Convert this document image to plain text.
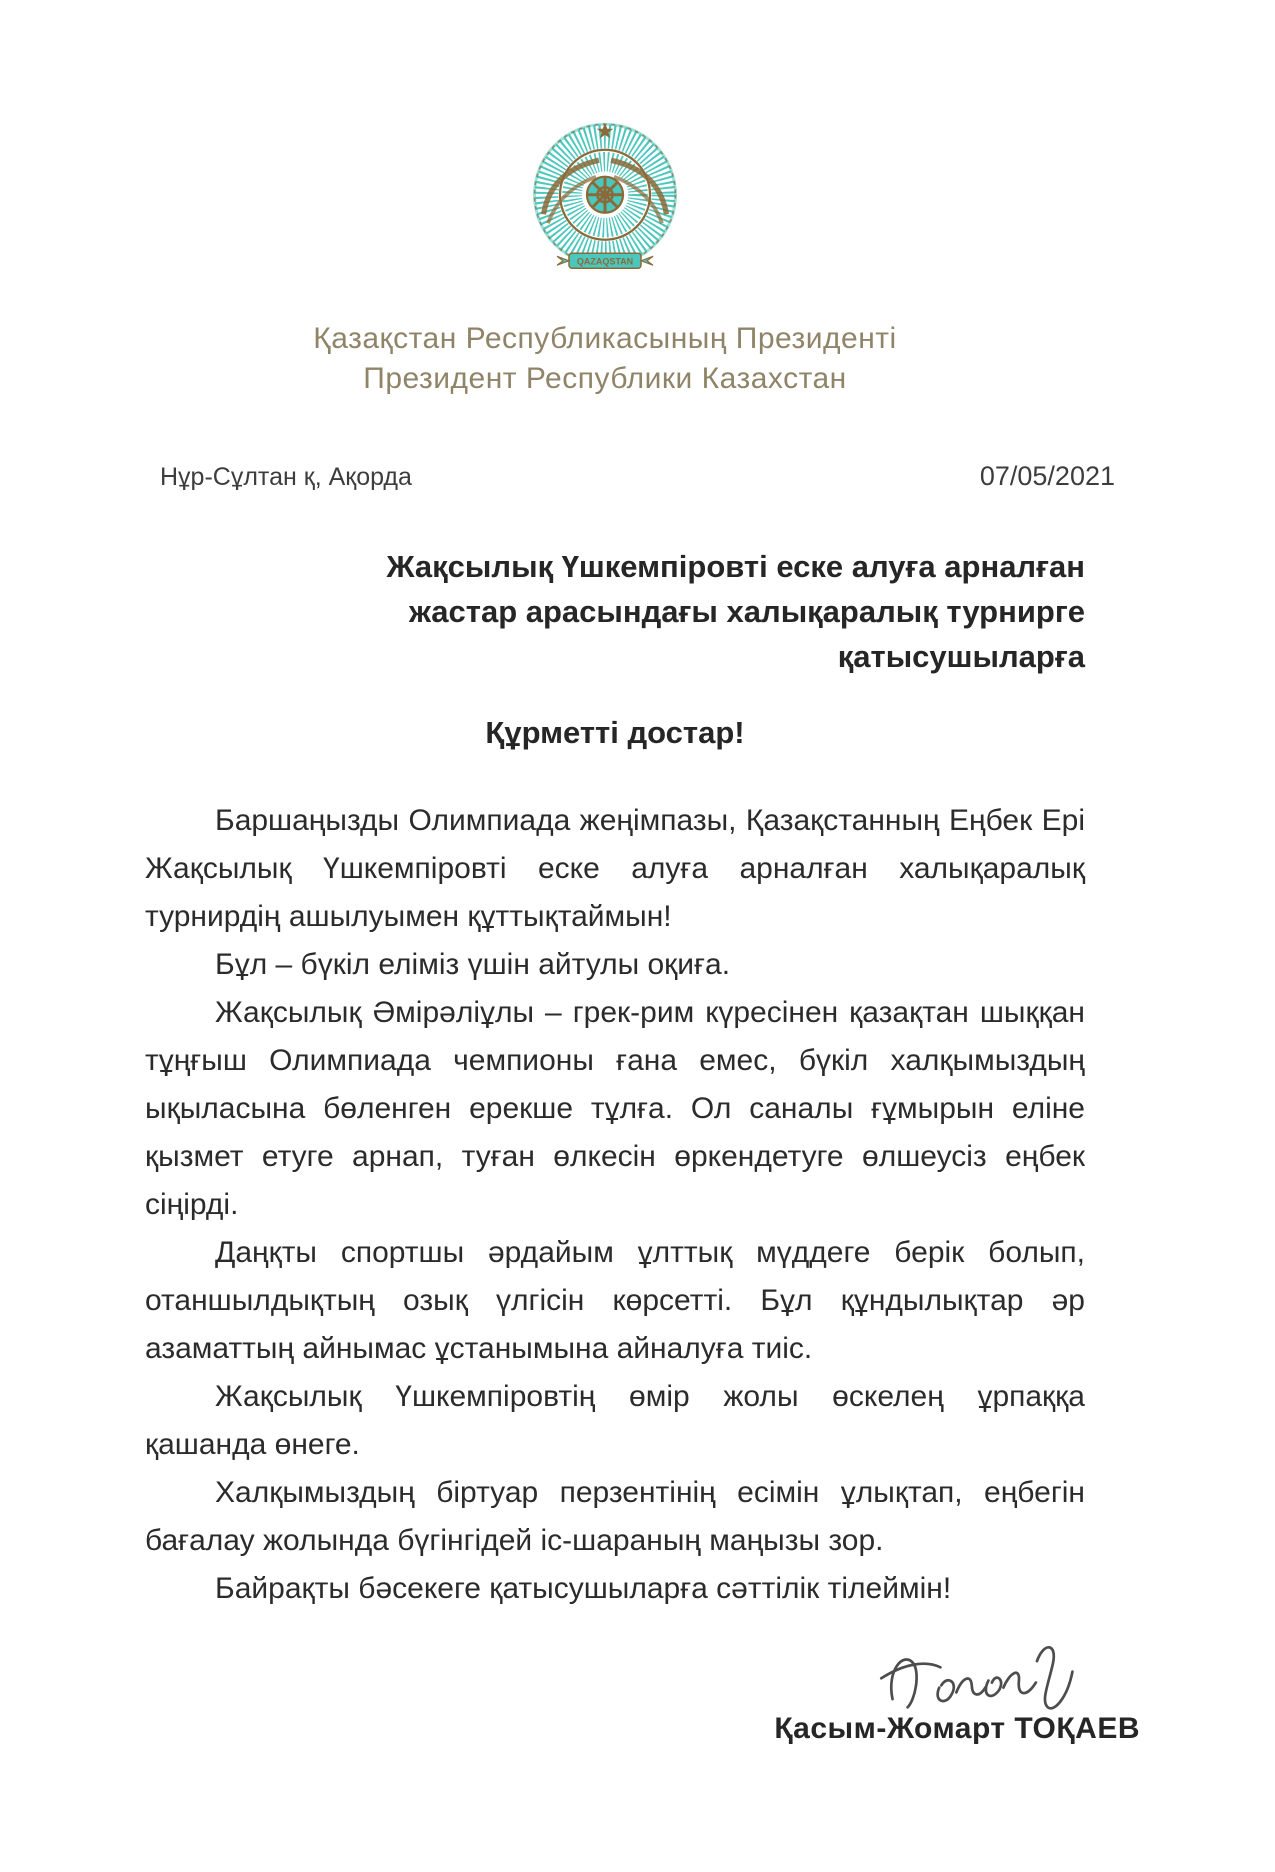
QAZAQSTAN
Қазақстан Республикасының Президенті
Президент Республики Казахстан
Нұр-Сұлтан қ, Ақорда	07/05/2021
Жақсылық Үшкемпіровті еске алуға арналған
жастар арасындағы халықаралық турнирге
қатысушыларға
Құрметті достар!

Баршаңызды Олимпиада жеңімпазы, Қазақстанның Еңбек Ері Жақсылық Үшкемпіровті еске алуға арналған халықаралық турнирдің ашылуымен құттықтаймын!

Бұл – бүкіл еліміз үшін айтулы оқиға.

Жақсылық Әмірәліұлы – грек-рим күресінен қазақтан шыққан тұңғыш Олимпиада чемпионы ғана емес, бүкіл халқымыздың ықыласына бөленген ерекше тұлға. Ол саналы ғұмырын еліне қызмет етуге арнап, туған өлкесін өркендетуге өлшеусіз еңбек сіңірді.

Даңқты спортшы әрдайым ұлттық мүддеге берік болып, отаншылдықтың озық үлгісін көрсетті. Бұл құндылықтар әр азаматтың айнымас ұстанымына айналуға тиіс.

Жақсылық Үшкемпіровтің өмір жолы өскелең ұрпаққа қашанда өнеге.

Халқымыздың біртуар перзентінің есімін ұлықтап, еңбегін бағалау жолында бүгінгідей іс-шараның маңызы зор.

Байрақты бәсекеге қатысушыларға сәттілік тілеймін!

Қасым-Жомарт ТОҚАЕВ
